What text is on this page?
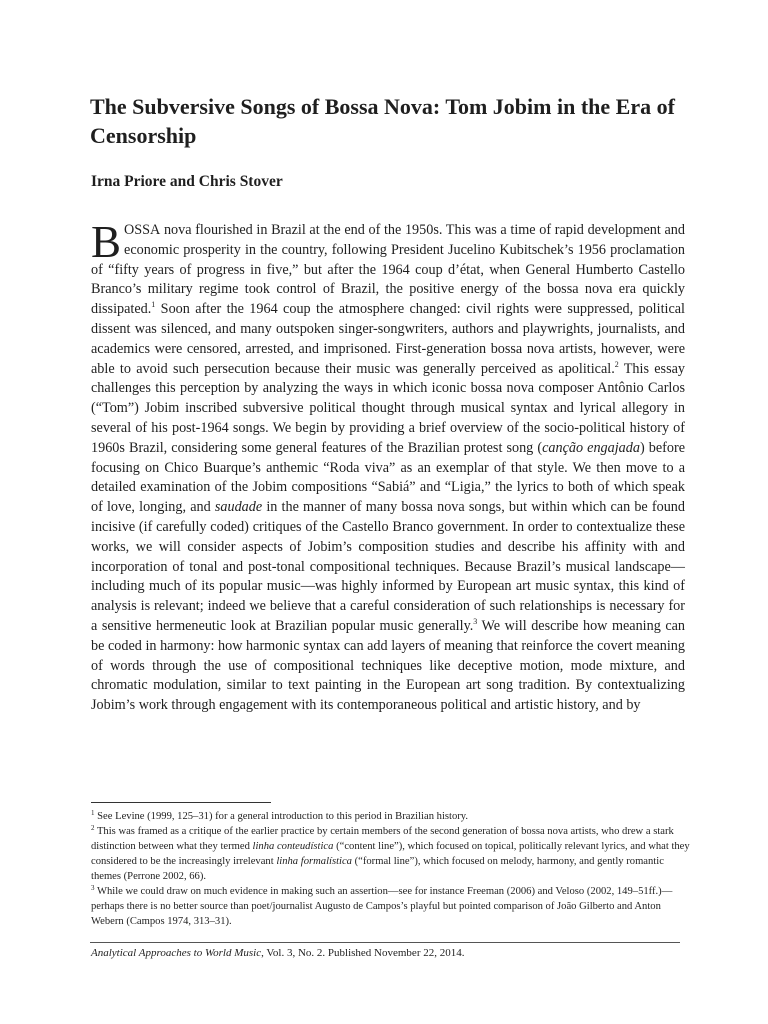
The Subversive Songs of Bossa Nova: Tom Jobim in the Era of Censorship

Irna Priore and Chris Stover

BOSSA nova flourished in Brazil at the end of the 1950s. This was a time of rapid development and economic prosperity in the country, following President Jucelino Kubitschek’s 1956 proclamation of “fifty years of progress in five,” but after the 1964 coup d’état, when General Humberto Castello Branco’s military regime took control of Brazil, the positive energy of the bossa nova era quickly dissipated.$^1$ Soon after the 1964 coup the atmosphere changed: civil rights were suppressed, political dissent was silenced, and many outspoken singer-songwriters, authors and playwrights, journalists, and academics were censored, arrested, and imprisoned. First-generation bossa nova artists, however, were able to avoid such persecution because their music was generally perceived as apolitical.$^2$ This essay challenges this perception by analyzing the ways in which iconic bossa nova composer Antônio Carlos (“Tom”) Jobim inscribed subversive political thought through musical syntax and lyrical allegory in several of his post-1964 songs. We begin by providing a brief overview of the socio-political history of 1960s Brazil, considering some general features of the Brazilian protest song (canção engajada) before focusing on Chico Buarque’s anthemic “Roda viva” as an exemplar of that style. We then move to a detailed examination of the Jobim compositions “Sabiá” and “Ligia,” the lyrics to both of which speak of love, longing, and saudade in the manner of many bossa nova songs, but within which can be found incisive (if carefully coded) critiques of the Castello Branco government. In order to contextualize these works, we will consider aspects of Jobim’s composition studies and describe his affinity with and incorporation of tonal and post-tonal compositional techniques. Because Brazil’s musical landscape—including much of its popular music—was highly informed by European art music syntax, this kind of analysis is relevant; indeed we believe that a careful consideration of such relationships is necessary for a sensitive hermeneutic look at Brazilian popular music generally.$^3$ We will describe how meaning can be coded in harmony: how harmonic syntax can add layers of meaning that reinforce the covert meaning of words through the use of compositional techniques like deceptive motion, mode mixture, and chromatic modulation, similar to text painting in the European art song tradition. By contextualizing Jobim’s work through engagement with its contemporaneous political and artistic history, and by

$^1$ See Levine (1999, 125–31) for a general introduction to this period in Brazilian history.

$^2$ This was framed as a critique of the earlier practice by certain members of the second generation of bossa nova artists, who drew a stark distinction between what they termed linha conteudística (“content line”), which focused on topical, politically relevant lyrics, and what they considered to be the increasingly irrelevant linha formalística (“formal line”), which focused on melody, harmony, and gently romantic themes (Perrone 2002, 66).

$^3$ While we could draw on much evidence in making such an assertion—see for instance Freeman (2006) and Veloso (2002, 149–51ff.)—perhaps there is no better source than poet/journalist Augusto de Campos’s playful but pointed comparison of João Gilberto and Anton Webern (Campos 1974, 313–31).

Analytical Approaches to World Music, Vol. 3, No. 2. Published November 22, 2014.
